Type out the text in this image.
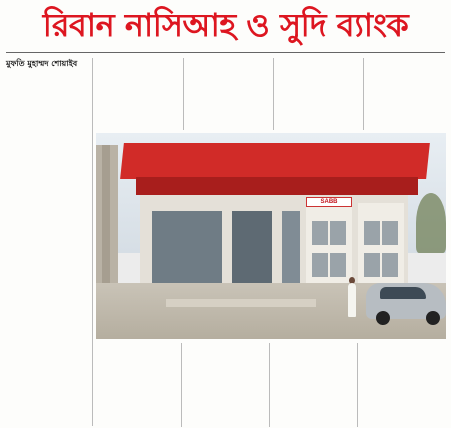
রিবান নাসিআহ ও সুদি ব্যাংক
মুফতি মুহাম্মদ শোয়াইব
SABB
